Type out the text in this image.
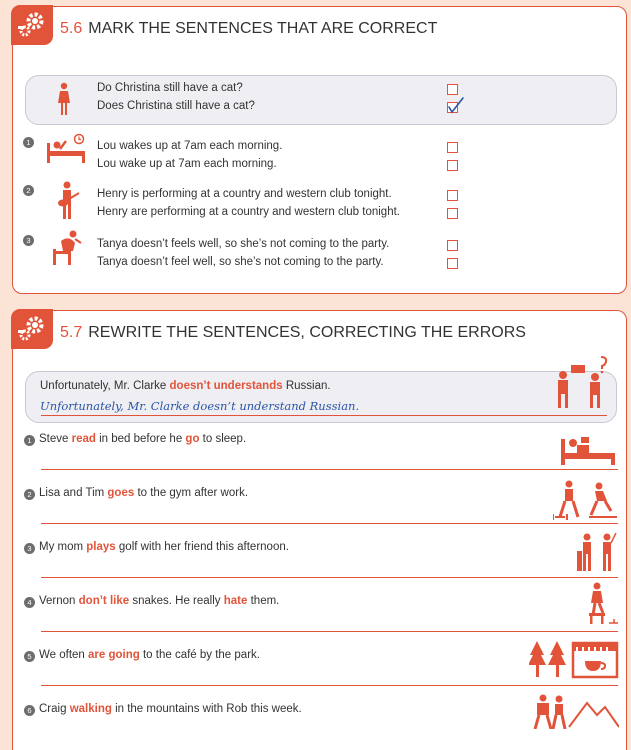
5.6 MARK THE SENTENCES THAT ARE CORRECT
Do Christina still have a cat?
Does Christina still have a cat?
1	Lou wakes up at 7am each morning.
Lou wake up at 7am each morning.
2	Henry is performing at a country and western club tonight.
Henry are performing at a country and western club tonight.
3	Tanya doesn’t feels well, so she’s not coming to the party.
Tanya doesn’t feel well, so she’s not coming to the party.
5.7 REWRITE THE SENTENCES, CORRECTING THE ERRORS
Unfortunately, Mr. Clarke doesn’t understands Russian.
Unfortunately, Mr. Clarke doesn’t understand Russian.
1 Steve read in bed before he go to sleep.
2 Lisa and Tim goes to the gym after work.
3 My mom plays golf with her friend this afternoon.
4 Vernon don’t like snakes. He really hate them.
5 We often are going to the café by the park.
6 Craig walking in the mountains with Rob this week.
